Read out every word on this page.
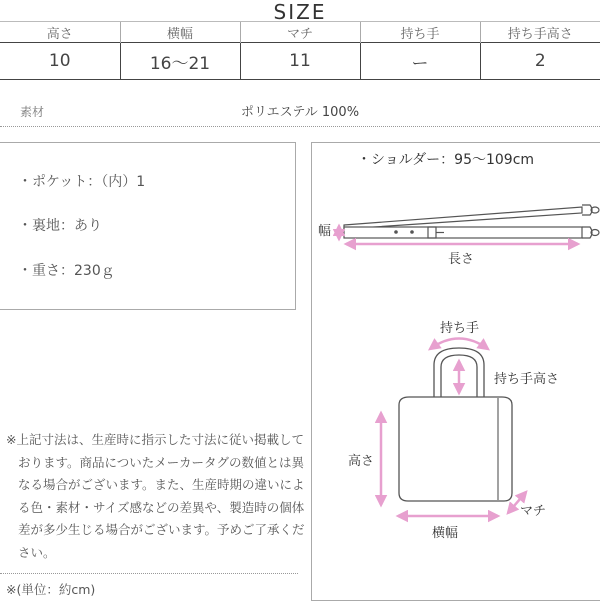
SIZE
高さ	横幅	マチ	持ち手	持ち手高さ
10	16〜21	11	ー	2
素材	ポリエステル 100%
・ポケット：（内）1
・裏地：あり
・重さ：230ｇ
・ショルダー：95〜109cm
幅
長さ
持ち手
持ち手高さ
高さ
横幅
マチ
※上記寸法は、生産時に指示した寸法に従い掲載しております。商品についたメーカータグの数値とは異なる場合がございます。また、生産時期の違いによる色・素材・サイズ感などの差異や、製造時の個体差が多少生じる場合がございます。予めご了承ください。
※(単位：約cm)
